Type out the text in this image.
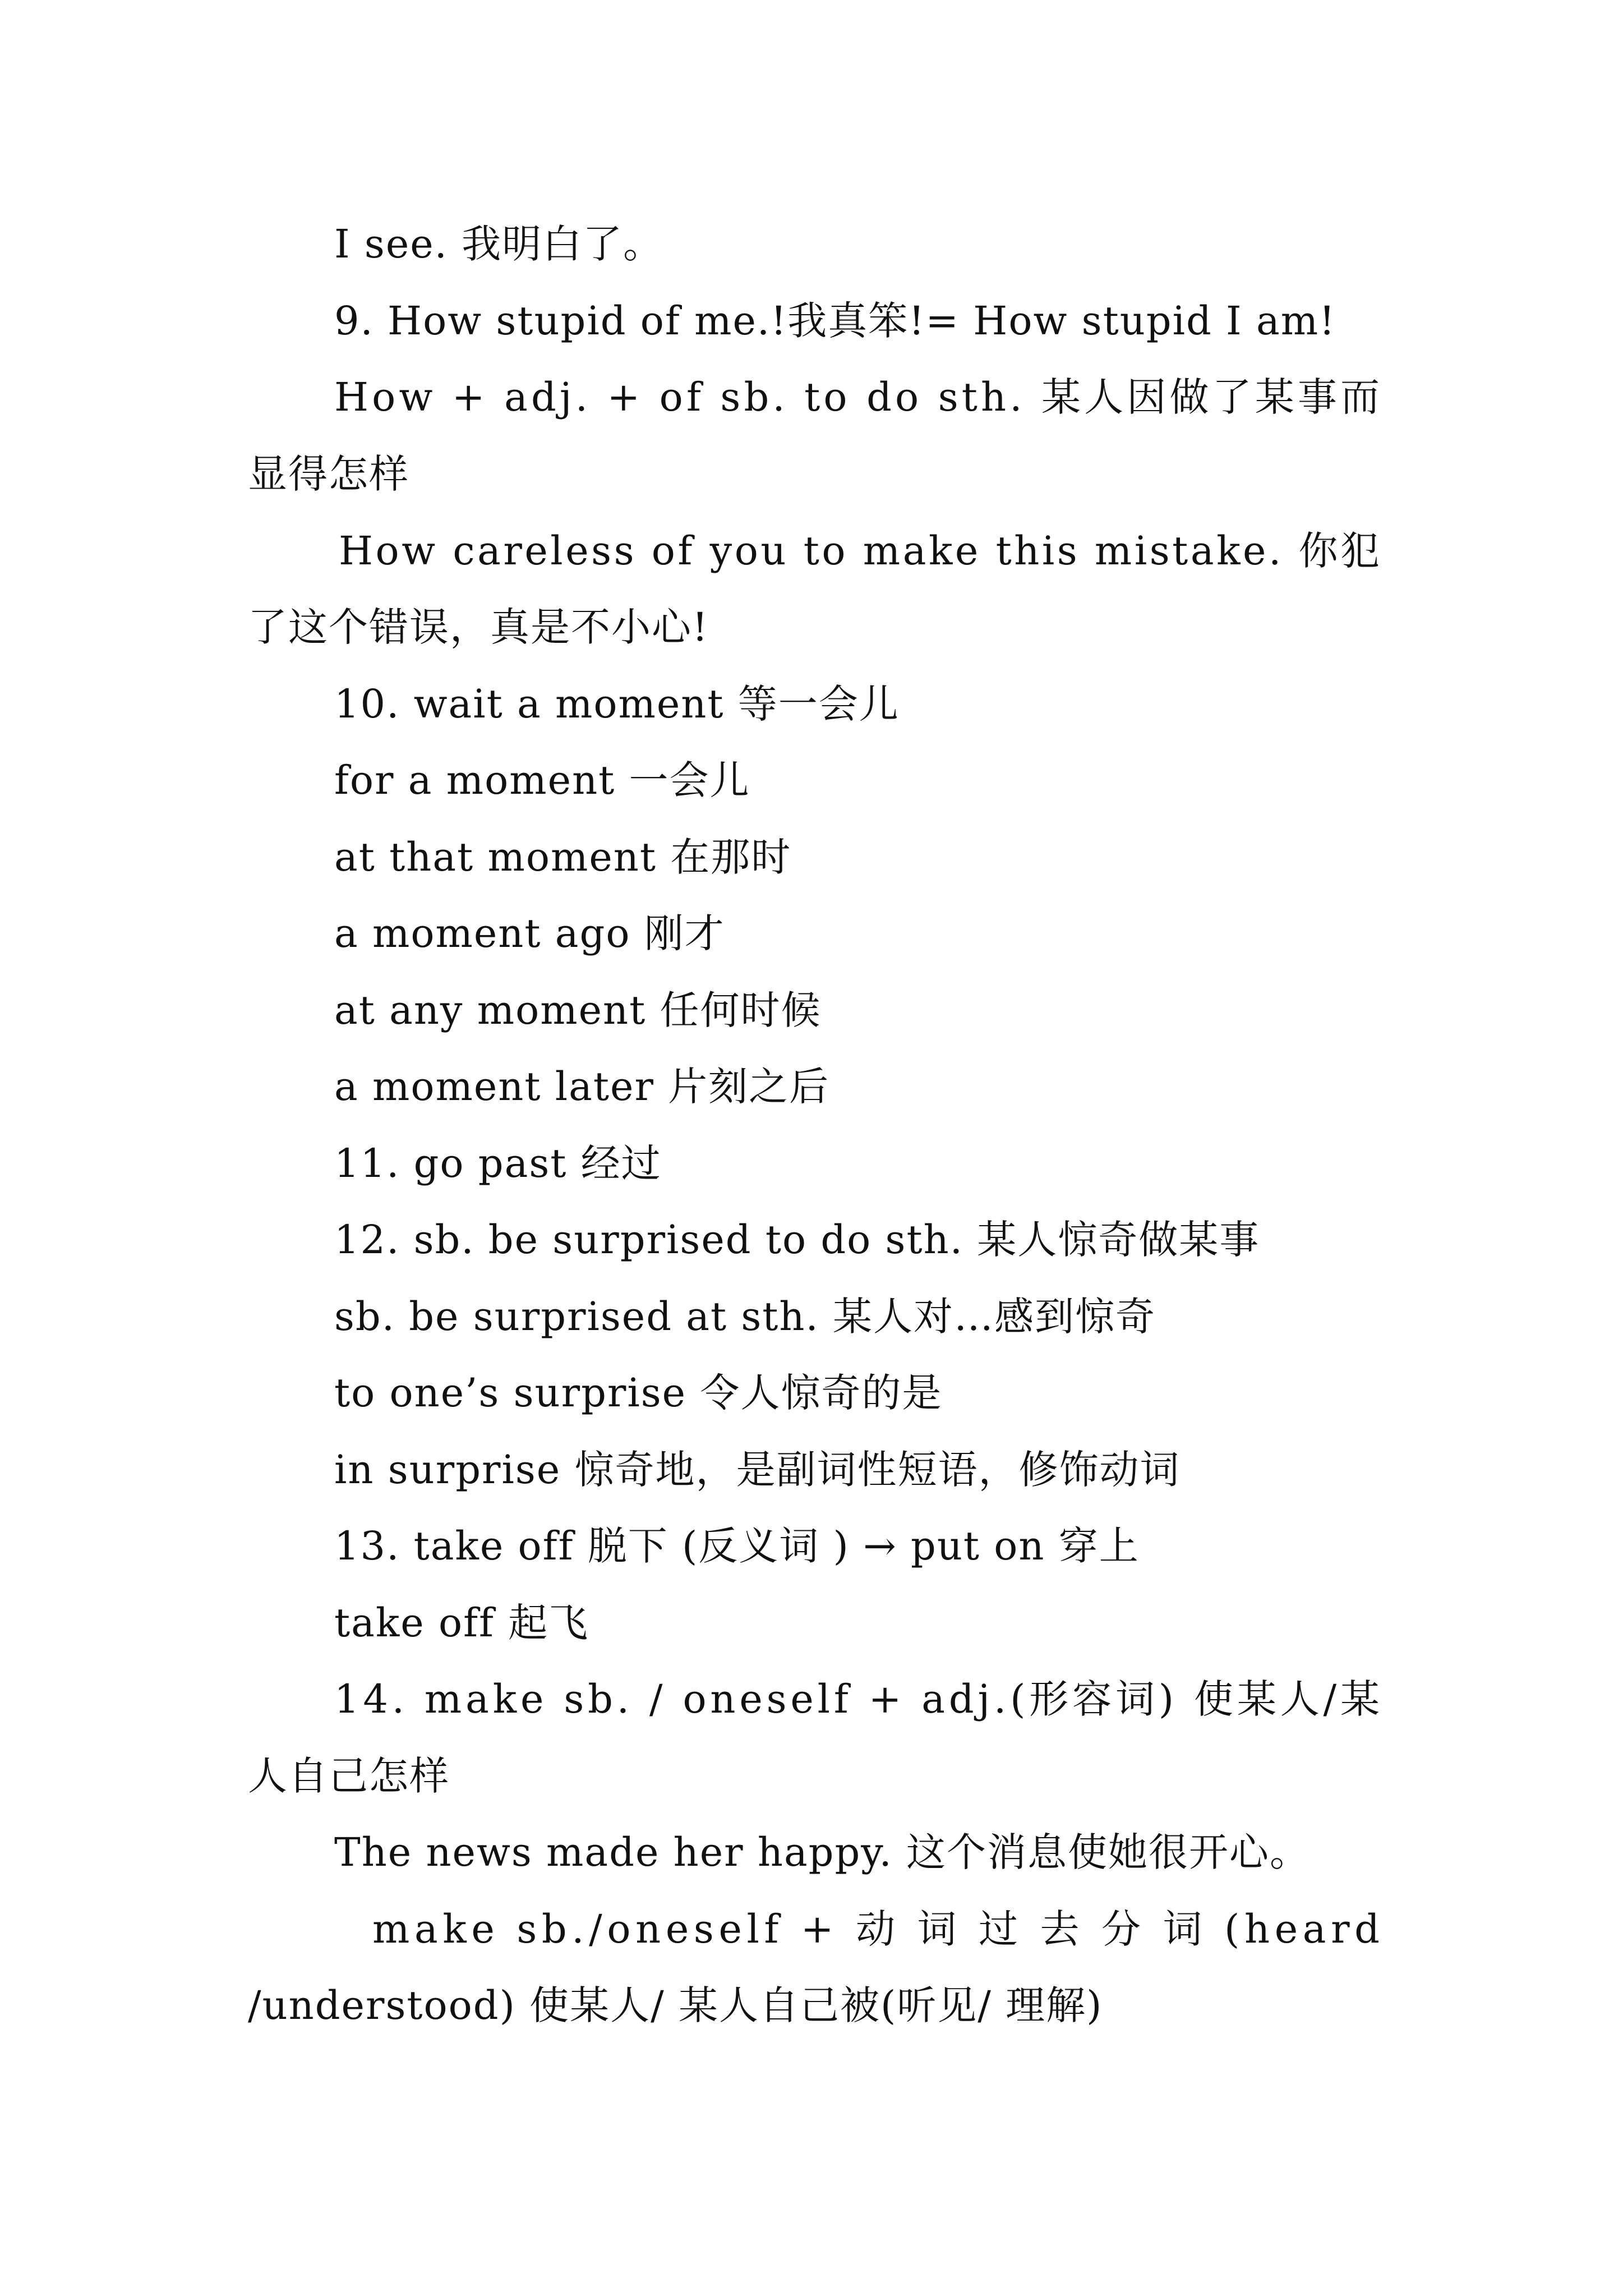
I see. 我明白了。
9. How stupid of me.!我真笨!= How stupid I am!
How + adj. + of sb. to do sth. 某人因做了某事而
显得怎样
How careless of you to make this mistake. 你犯
了这个错误，真是不小心!
10. wait a moment 等一会儿
for a moment 一会儿
at that moment 在那时
a moment ago 刚才
at any moment 任何时候
a moment later 片刻之后
11. go past 经过
12. sb. be surprised to do sth. 某人惊奇做某事
sb. be surprised at sth. 某人对…感到惊奇
to one’s surprise 令人惊奇的是
in surprise 惊奇地，是副词性短语，修饰动词
13. take off 脱下 (反义词 ) → put on 穿上
take off 起飞
14. make sb. / oneself + adj.(形容词) 使某人/某
人自己怎样
The news made her happy. 这个消息使她很开心。
make sb./oneself + 动 词 过 去 分 词 (heard
/understood) 使某人/ 某人自己被(听见/ 理解)
